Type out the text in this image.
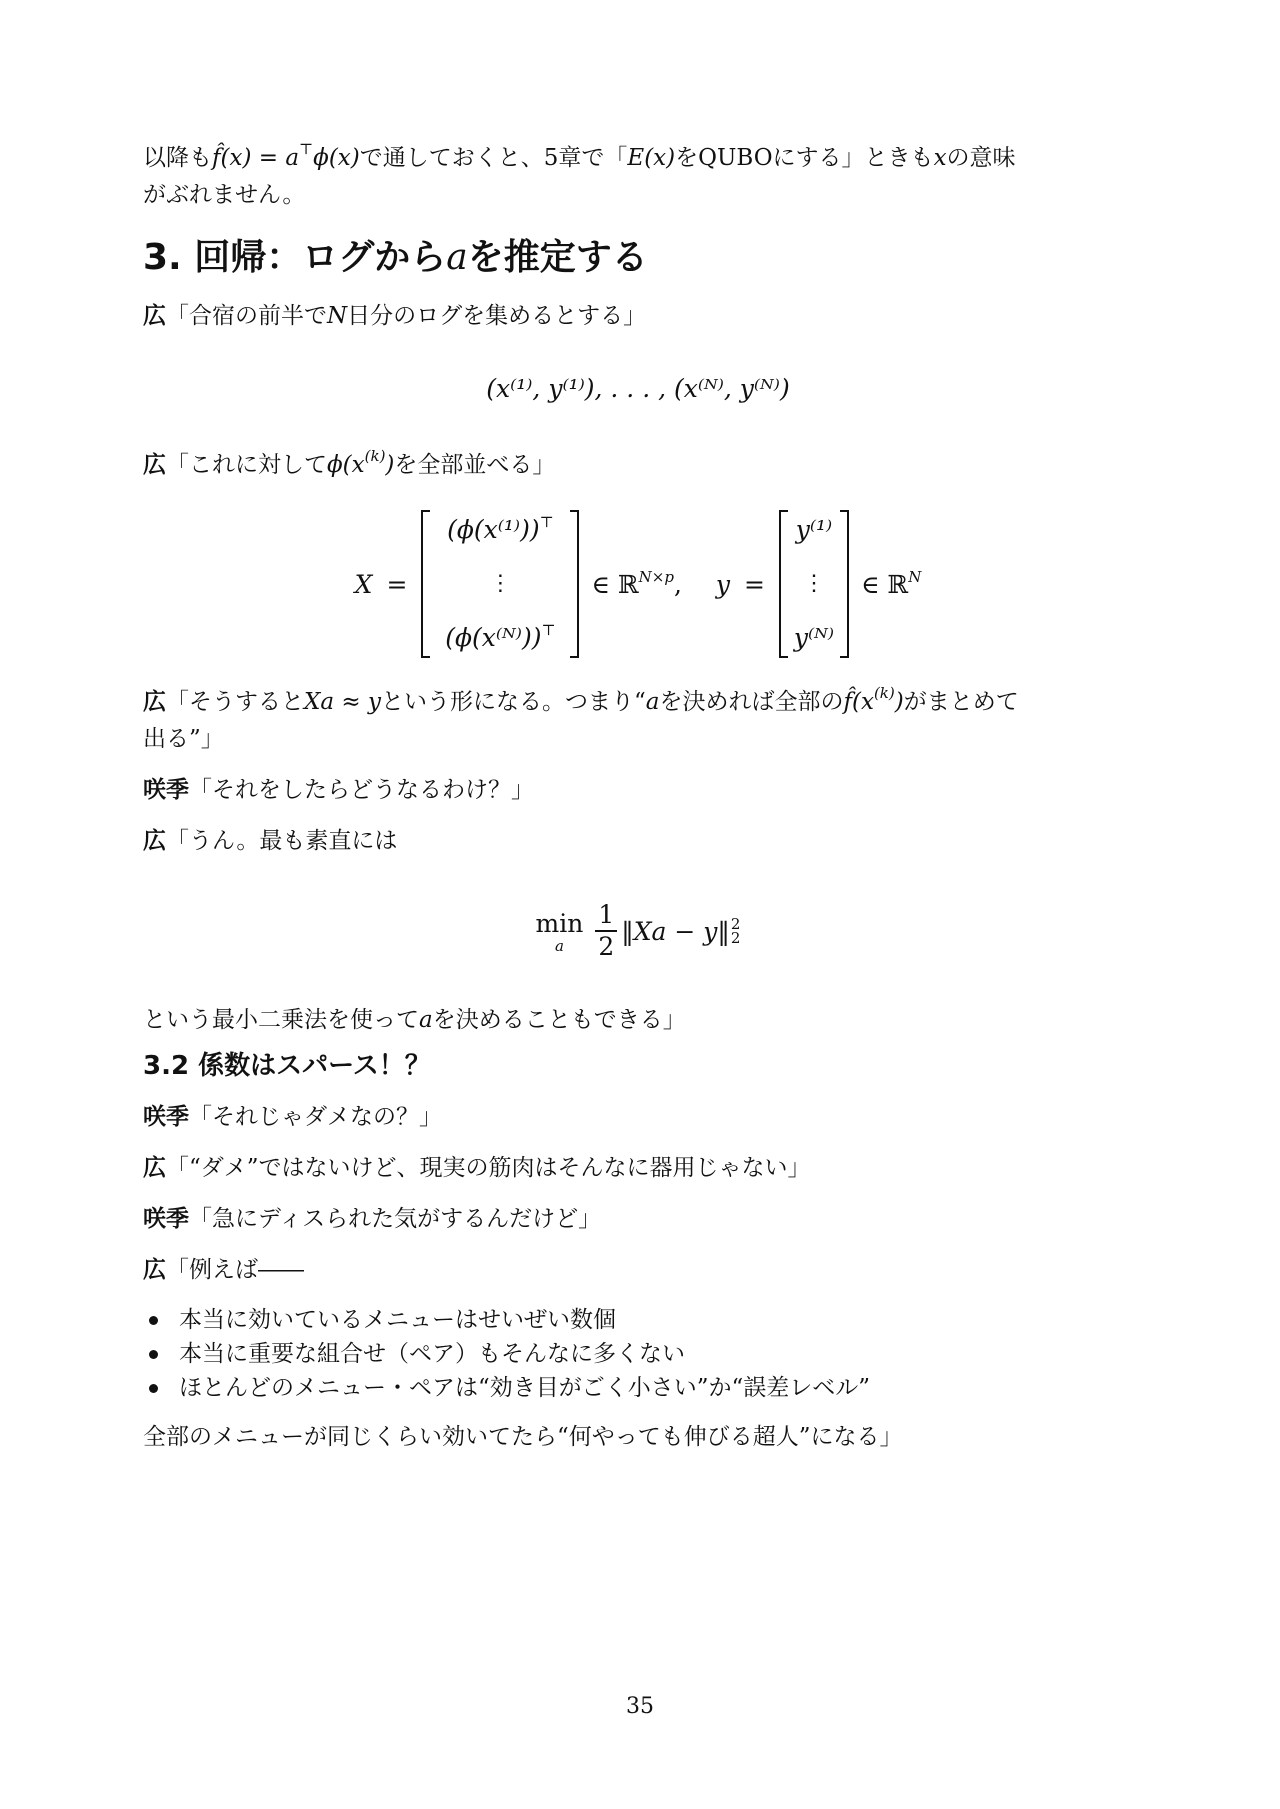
以降もf̂(x) = a⊤ϕ(x)で通しておくと、5章で「E(x)をQUBOにする」ときもxの意味
がぶれません。

3. 回帰：ログからaを推定する

広「合宿の前半でN日分のログを集めるとする」

(x⁽¹⁾, y⁽¹⁾), . . . , (x⁽ᴺ⁾, y⁽ᴺ⁾)

広「これに対して$\phi(x^{(k)})$を全部並べる」

X =
(ϕ(x⁽¹⁾))⊤
⋮
(ϕ(x⁽ᴺ⁾))⊤
∈ ℝ$^{N\times p}$, y =
y⁽¹⁾
⋮
y⁽ᴺ⁾
∈ ℝ$^N$

広「そうするとXa ≈ yという形になる。つまり“aを決めれば全部の$f̂(x^{(k)})$がまとめて
出る”」

咲季「それをしたらどうなるわけ？」

広「うん。最も素直には

min
a $\frac{1}{2}$ ‖Xa − y‖ 2
2

という最小二乗法を使ってaを決めることもできる」

3.2 係数はスパース！？

咲季「それじゃダメなの？」

広「“ダメ”ではないけど、現実の筋肉はそんなに器用じゃない」

咲季「急にディスられた気がするんだけど」

広「例えば――

本当に効いているメニューはせいぜい数個
本当に重要な組合せ（ペア）もそんなに多くない
ほとんどのメニュー・ペアは“効き目がごく小さい”か“誤差レベル”

全部のメニューが同じくらい効いてたら“何やっても伸びる超人”になる」

35
